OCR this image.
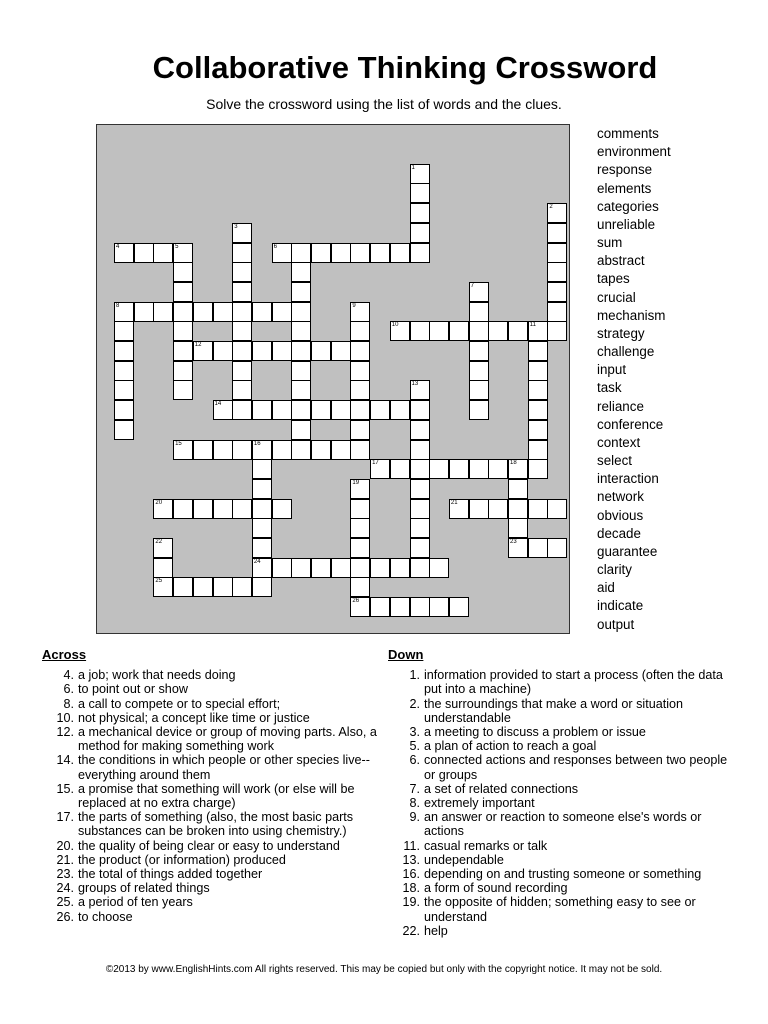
Collaborative Thinking Crossword
Solve the crossword using the list of words and the clues.
4	5	6
8
10	11
12
14
15	16
17	18
20	21
23
24
25
26
1
2
3
7
9
13
19
22
comments
environment
response
elements
categories
unreliable
sum
abstract
tapes
crucial
mechanism
strategy
challenge
input
task
reliance
conference
context
select
interaction
network
obvious
decade
guarantee
clarity
aid
indicate
output
Across
4. a job; work that needs doing
6. to point out or show
8. a call to compete or to special effort;
10. not physical; a concept like time or justice
12. a mechanical device or group of moving parts. Also, a method for making something work
14. the conditions in which people or other species live-- everything around them
15. a promise that something will work (or else will be replaced at no extra charge)
17. the parts of something (also, the most basic parts substances can be broken into using chemistry.)
20. the quality of being clear or easy to understand
21. the product (or information) produced
23. the total of things added together
24. groups of related things
25. a period of ten years
26. to choose
Down
1. information provided to start a process (often the data put into a machine)
2. the surroundings that make a word or situation understandable
3. a meeting to discuss a problem or issue
5. a plan of action to reach a goal
6. connected actions and responses between two people or groups
7. a set of related connections
8. extremely important
9. an answer or reaction to someone else's words or actions
11. casual remarks or talk
13. undependable
16. depending on and trusting someone or something
18. a form of sound recording
19. the opposite of hidden; something easy to see or understand
22. help
©2013 by www.EnglishHints.com All rights reserved. This may be copied but only with the copyright notice. It may not be sold.
